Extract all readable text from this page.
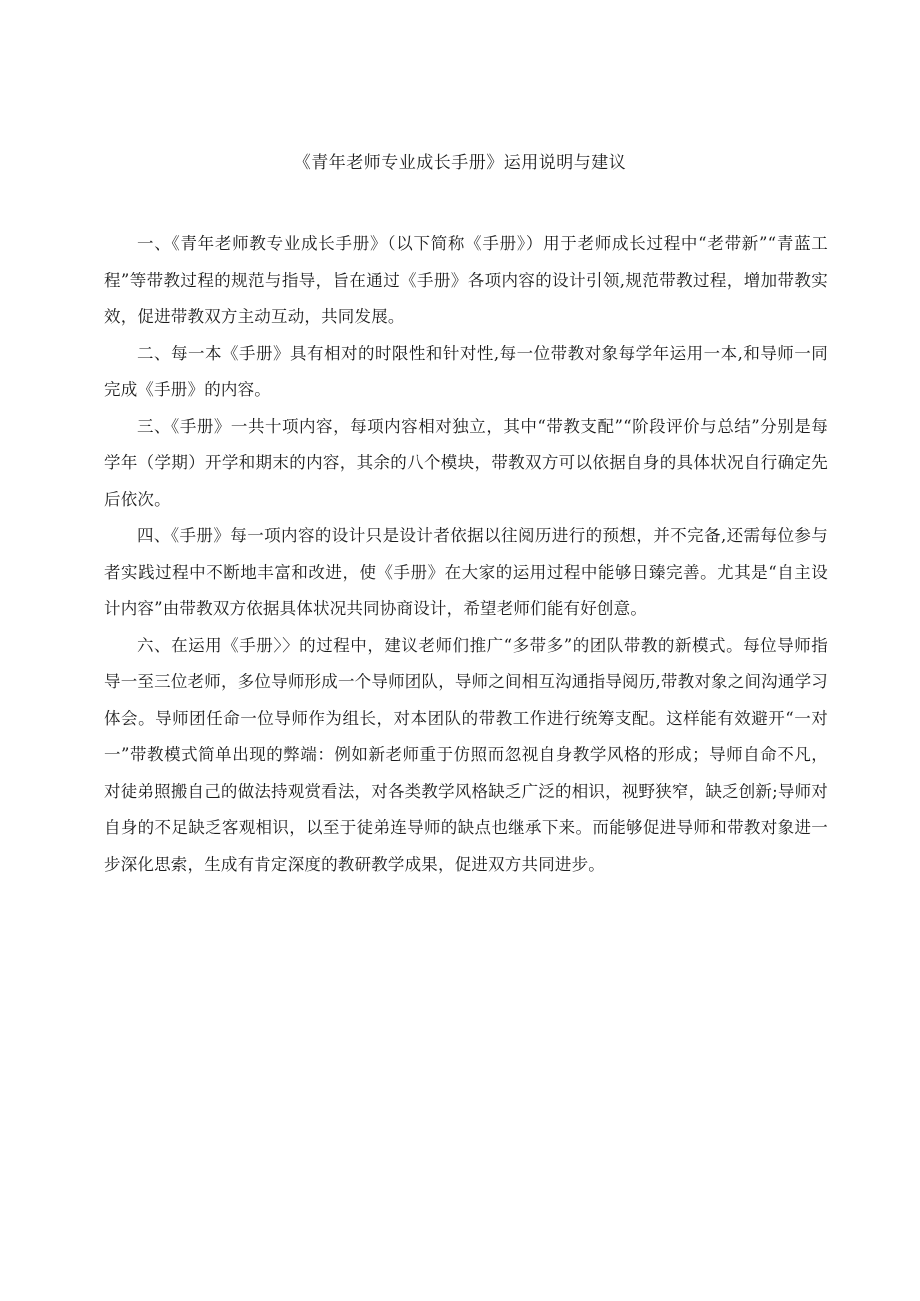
《青年老师专业成长手册》运用说明与建议

一、《青年老师教专业成长手册》（以下简称《手册》）用于老师成长过程中“老带新”“青蓝工程”等带教过程的规范与指导，旨在通过《手册》各项内容的设计引领,规范带教过程，增加带教实效，促进带教双方主动互动，共同发展。

二、每一本《手册》具有相对的时限性和针对性,每一位带教对象每学年运用一本,和导师一同完成《手册》的内容。

三、《手册》一共十项内容，每项内容相对独立，其中“带教支配”“阶段评价与总结”分别是每学年（学期）开学和期末的内容，其余的八个模块，带教双方可以依据自身的具体状况自行确定先后依次。

四、《手册》每一项内容的设计只是设计者依据以往阅历进行的预想，并不完备,还需每位参与者实践过程中不断地丰富和改进，使《手册》在大家的运用过程中能够日臻完善。尤其是“自主设计内容”由带教双方依据具体状况共同协商设计，希望老师们能有好创意。

六、在运用《手册〉〉的过程中，建议老师们推广“多带多”的团队带教的新模式。每位导师指导一至三位老师，多位导师形成一个导师团队，导师之间相互沟通指导阅历,带教对象之间沟通学习体会。导师团任命一位导师作为组长，对本团队的带教工作进行统筹支配。这样能有效避开“一对一”带教模式简单出现的弊端：例如新老师重于仿照而忽视自身教学风格的形成；导师自命不凡，对徒弟照搬自己的做法持观赏看法，对各类教学风格缺乏广泛的相识，视野狭窄，缺乏创新;导师对自身的不足缺乏客观相识，以至于徒弟连导师的缺点也继承下来。而能够促进导师和带教对象进一步深化思索，生成有肯定深度的教研教学成果，促进双方共同进步。
